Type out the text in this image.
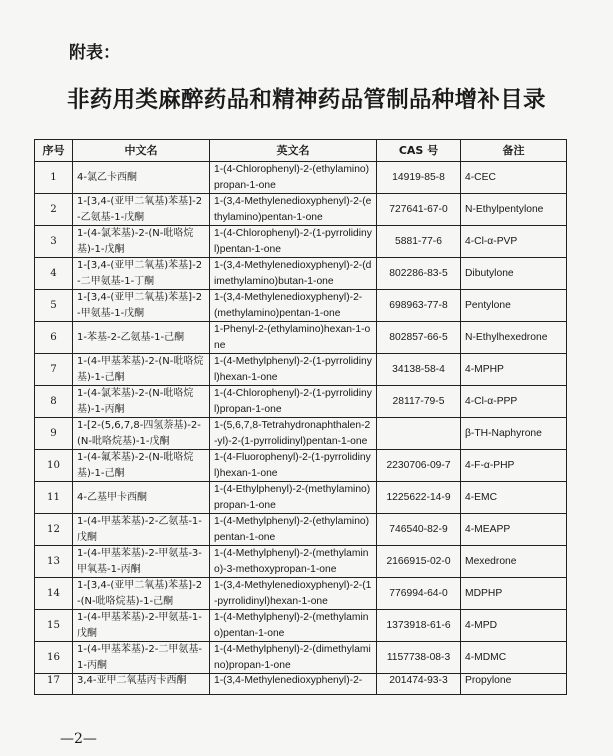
附表：
非药用类麻醉药品和精神药品管制品种增补目录
序号	中文名	英文名	CAS 号	备注
1	4-氯乙卡西酮	1-(4-Chlorophenyl)-2-(ethylamino)propan-1-one	14919-85-8	4-CEC
2	1-[3,4-(亚甲二氧基)苯基]-2-乙氨基-1-戊酮	1-(3,4-Methylenedioxyphenyl)-2-(ethylamino)pentan-1-one	727641-67-0	N-Ethylpentylone
3	1-(4-氯苯基)-2-(N-吡咯烷基)-1-戊酮	1-(4-Chlorophenyl)-2-(1-pyrrolidinyl)pentan-1-one	5881-77-6	4-Cl-α-PVP
4	1-[3,4-(亚甲二氧基)苯基]-2-二甲氨基-1-丁酮	1-(3,4-Methylenedioxyphenyl)-2-(dimethylamino)butan-1-one	802286-83-5	Dibutylone
5	1-[3,4-(亚甲二氧基)苯基]-2-甲氨基-1-戊酮	1-(3,4-Methylenedioxyphenyl)-2-(methylamino)pentan-1-one	698963-77-8	Pentylone
6	1-苯基-2-乙氨基-1-己酮	1-Phenyl-2-(ethylamino)hexan-1-one	802857-66-5	N-Ethylhexedrone
7	1-(4-甲基苯基)-2-(N-吡咯烷基)-1-己酮	1-(4-Methylphenyl)-2-(1-pyrrolidinyl)hexan-1-one	34138-58-4	4-MPHP
8	1-(4-氯苯基)-2-(N-吡咯烷基)-1-丙酮	1-(4-Chlorophenyl)-2-(1-pyrrolidinyl)propan-1-one	28117-79-5	4-Cl-α-PPP
9	1-[2-(5,6,7,8-四氢萘基)-2-(N-吡咯烷基)-1-戊酮	1-(5,6,7,8-Tetrahydronaphthalen-2-yl)-2-(1-pyrrolidinyl)pentan-1-one		β-TH-Naphyrone
10	1-(4-氟苯基)-2-(N-吡咯烷基)-1-己酮	1-(4-Fluorophenyl)-2-(1-pyrrolidinyl)hexan-1-one	2230706-09-7	4-F-α-PHP
11	4-乙基甲卡西酮	1-(4-Ethylphenyl)-2-(methylamino)propan-1-one	1225622-14-9	4-EMC
12	1-(4-甲基苯基)-2-乙氨基-1-戊酮	1-(4-Methylphenyl)-2-(ethylamino)pentan-1-one	746540-82-9	4-MEAPP
13	1-(4-甲基苯基)-2-甲氨基-3-甲氧基-1-丙酮	1-(4-Methylphenyl)-2-(methylamino)-3-methoxypropan-1-one	2166915-02-0	Mexedrone
14	1-[3,4-(亚甲二氧基)苯基]-2-(N-吡咯烷基)-1-己酮	1-(3,4-Methylenedioxyphenyl)-2-(1-pyrrolidinyl)hexan-1-one	776994-64-0	MDPHP
15	1-(4-甲基苯基)-2-甲氨基-1-戊酮	1-(4-Methylphenyl)-2-(methylamino)pentan-1-one	1373918-61-6	4-MPD
16	1-(4-甲基苯基)-2-二甲氨基-1-丙酮	1-(4-Methylphenyl)-2-(dimethylamino)propan-1-one	1157738-08-3	4-MDMC
17	3,4-亚甲二氧基丙卡西酮	1-(3,4-Methylenedioxyphenyl)-2-	201474-93-3	Propylone
—2—
